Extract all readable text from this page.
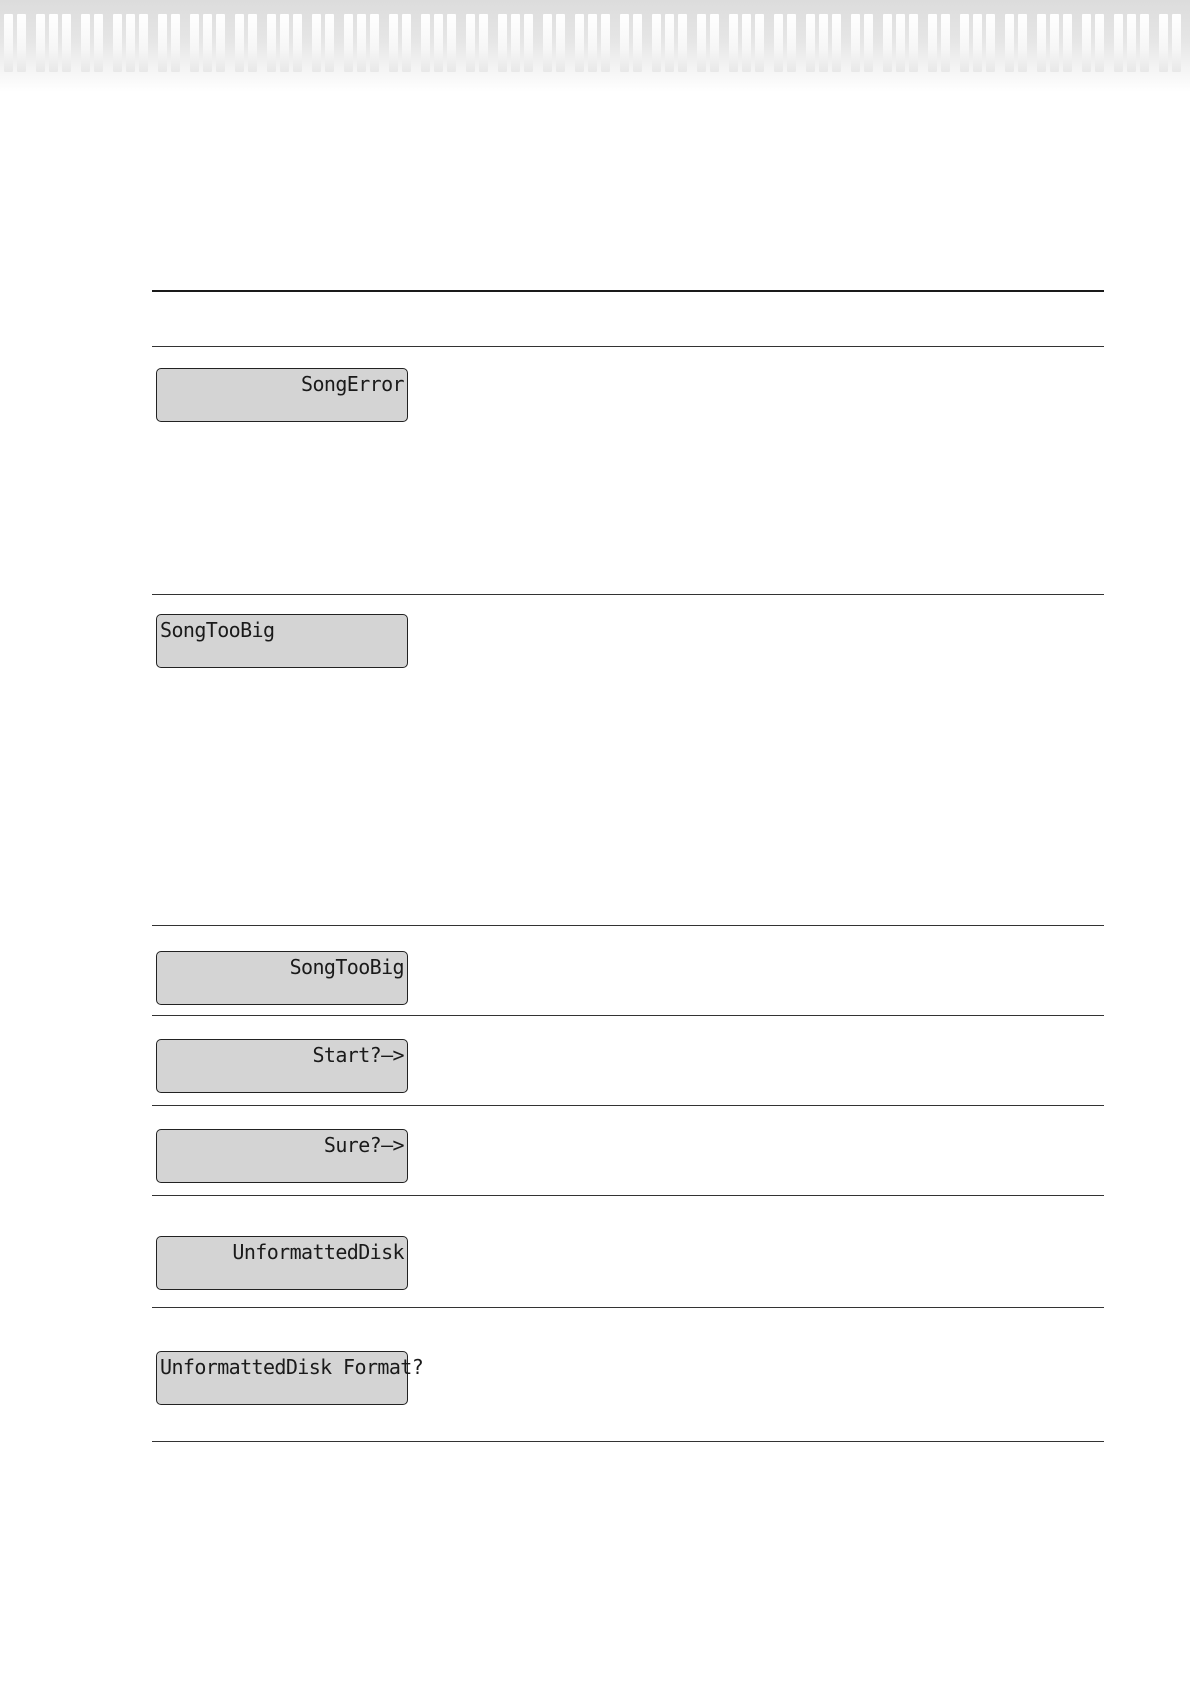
SongError
SongTooBig
SongTooBig
Start?—>
Sure?—>
UnformattedDisk
UnformattedDisk Format?
